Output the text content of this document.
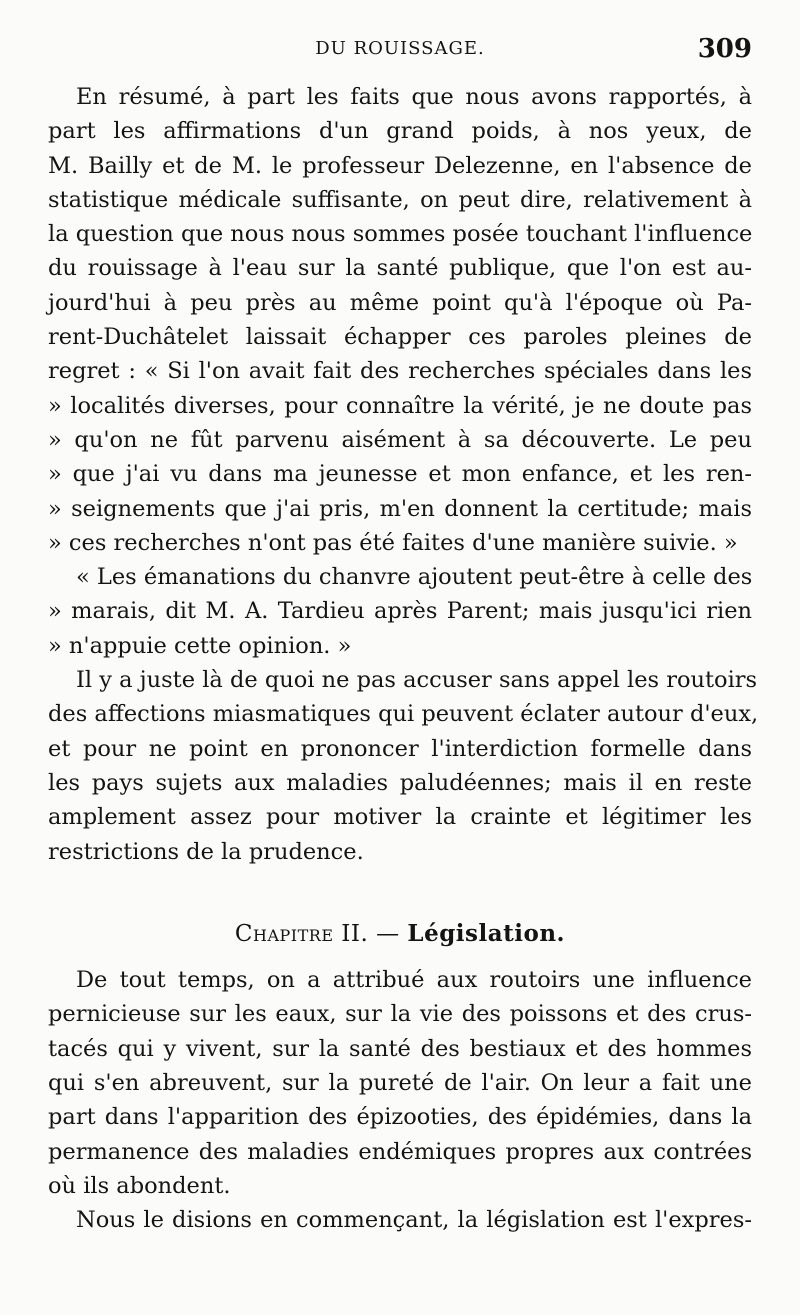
DU ROUISSAGE.	309
En résumé, à part les faits que nous avons rapportés, à
part les affirmations d'un grand poids, à nos yeux, de
M. Bailly et de M. le professeur Delezenne, en l'absence de
statistique médicale suffisante, on peut dire, relativement à
la question que nous nous sommes posée touchant l'influence
du rouissage à l'eau sur la santé publique, que l'on est au-
jourd'hui à peu près au même point qu'à l'époque où Pa-
rent-Duchâtelet laissait échapper ces paroles pleines de
regret : « Si l'on avait fait des recherches spéciales dans les
» localités diverses, pour connaître la vérité, je ne doute pas
» qu'on ne fût parvenu aisément à sa découverte. Le peu
» que j'ai vu dans ma jeunesse et mon enfance, et les ren-
» seignements que j'ai pris, m'en donnent la certitude; mais
» ces recherches n'ont pas été faites d'une manière suivie. »
« Les émanations du chanvre ajoutent peut-être à celle des
» marais, dit M. A. Tardieu après Parent; mais jusqu'ici rien
» n'appuie cette opinion. »
Il y a juste là de quoi ne pas accuser sans appel les routoirs
des affections miasmatiques qui peuvent éclater autour d'eux,
et pour ne point en prononcer l'interdiction formelle dans
les pays sujets aux maladies paludéennes; mais il en reste
amplement assez pour motiver la crainte et légitimer les
restrictions de la prudence.
Chapitre II. — Législation.
De tout temps, on a attribué aux routoirs une influence
pernicieuse sur les eaux, sur la vie des poissons et des crus-
tacés qui y vivent, sur la santé des bestiaux et des hommes
qui s'en abreuvent, sur la pureté de l'air. On leur a fait une
part dans l'apparition des épizooties, des épidémies, dans la
permanence des maladies endémiques propres aux contrées
où ils abondent.
Nous le disions en commençant, la législation est l'expres-
